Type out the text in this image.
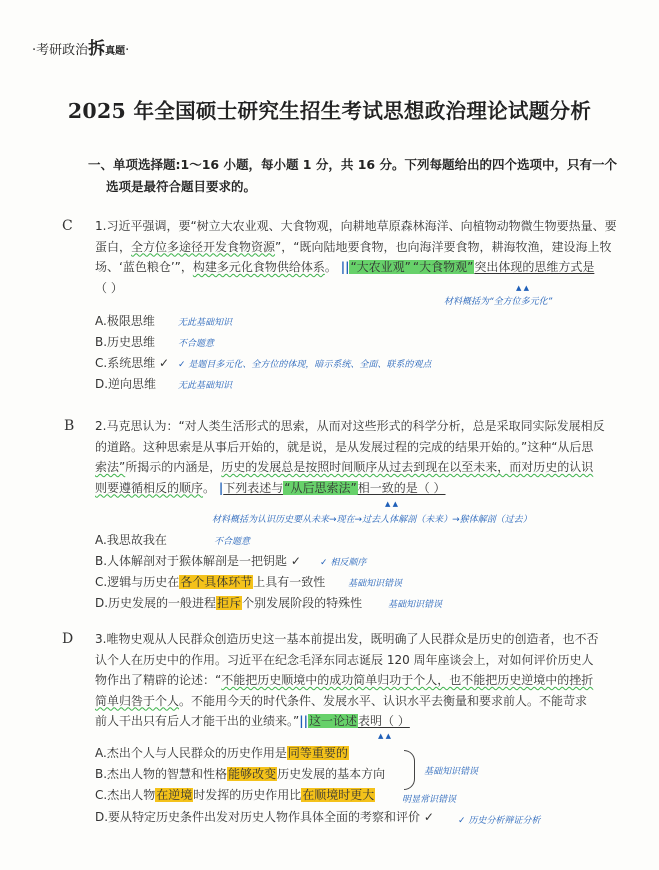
·考研政治拆真题·
2025 年全国硕士研究生招生考试思想政治理论试题分析
一、单项选择题:1～16 小题，每小题 1 分，共 16 分。下列每题给出的四个选项中，只有一个
选项是最符合题目要求的。
C 1.习近平强调，要“树立大农业观、大食物观，向耕地草原森林海洋、向植物动物微生物要热量、要
蛋白，全方位多途径开发食物资源”，“既向陆地要食物，也向海洋要食物，耕海牧渔，建设海上牧
场、‘蓝色粮仓’”，构建多元化食物供给体系。 ||“大农业观” “大食物观”突出体现的思维方式是
（ ）	▲ ▲
材料概括为“全方位多元化”
A.极限思维	无此基础知识
B.历史思维	不合题意
C.系统思维 ✓ ✓ 是题目多元化、全方位的体现，暗示系统、全面、联系的观点
D.逆向思维 无此基础知识
B 2.马克思认为：“对人类生活形式的思索，从而对这些形式的科学分析，总是采取同实际发展相反
的道路。这种思索是从事后开始的，就是说，是从发展过程的完成的结果开始的。”这种“从后思
索法”所揭示的内涵是，历史的发展总是按照时间顺序从过去到现在以至未来，而对历史的认识
则要遵循相反的顺序。 |下列表述与“从后思索法”相一致的是（ ）
▲ ▲
材料概括为认识历史要从未来→现在→过去人体解剖（未来）→猴体解剖（过去）
A.我思故我在	不合题意
B.人体解剖对于猴体解剖是一把钥匙 ✓ ✓ 相反顺序
C.逻辑与历史在各个具体环节上具有一致性	基础知识错误
D.历史发展的一般进程拒斥个别发展阶段的特殊性	基础知识错误
D 3.唯物史观从人民群众创造历史这一基本前提出发，既明确了人民群众是历史的创造者，也不否
认个人在历史中的作用。习近平在纪念毛泽东同志诞辰 120 周年座谈会上，对如何评价历史人
物作出了精辟的论述：“不能把历史顺境中的成功简单归功于个人，也不能把历史逆境中的挫折
简单归咎于个人。不能用今天的时代条件、发展水平、认识水平去衡量和要求前人。不能苛求
前人干出只有后人才能干出的业绩来。”||这一论述表明（ ）
▲ ▲
A.杰出个人与人民群众的历史作用是同等重要的
B.杰出人物的智慧和性格能够改变历史发展的基本方向	基础知识错误
C.杰出人物在逆境时发挥的历史作用比在顺境时更大	明显常识错误
D.要从特定历史条件出发对历史人物作具体全面的考察和评价 ✓	✓ 历史分析辩证分析
